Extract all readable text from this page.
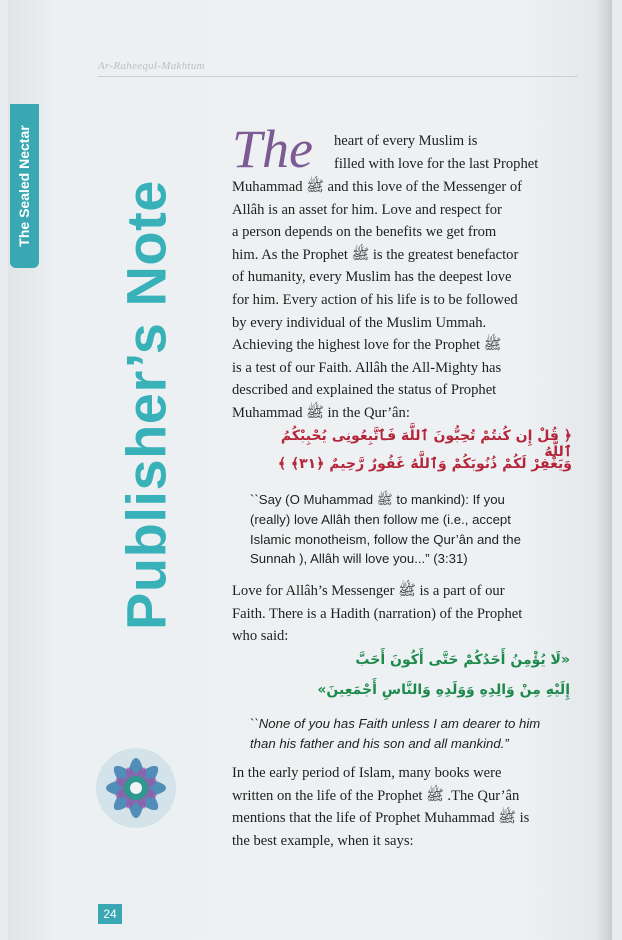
Ar-Raheequl-Makhtum
The Sealed Nectar Publisher’s Note
The heart of every Muslim is
filled with love for the last Prophet
Muhammad ﷺ and this love of the Messenger of
Allâh is an asset for him. Love and respect for
a person depends on the benefits we get from
him. As the Prophet ﷺ is the greatest benefactor
of humanity, every Muslim has the deepest love
for him. Every action of his life is to be followed
by every individual of the Muslim Ummah.
Achieving the highest love for the Prophet ﷺ
is a test of our Faith. Allâh the All-Mighty has
described and explained the status of Prophet
Muhammad ﷺ in the Qur’ân:
﴿ قُلْ إِن كُنتُمْ تُحِبُّونَ ٱللَّهَ فَٱتَّبِعُونِى يُحْبِبْكُمُ ٱللَّهُ
وَيَغْفِرْ لَكُمْ ذُنُوبَكُمْ وَٱللَّهُ غَفُورٌ رَّحِيمٌ ﴿٣١﴾ ﴾
``Say (O Muhammad ﷺ to mankind): If you
(really) love Allâh then follow me (i.e., accept
Islamic monotheism, follow the Qur’ân and the
Sunnah ), Allâh will love you...” (3:31)
Love for Allâh’s Messenger ﷺ is a part of our
Faith. There is a Hadith (narration) of the Prophet
who said:
«لَا يُؤْمِنُ أَحَدُكُمْ حَتَّى أَكُونَ أَحَبَّ
إِلَيْهِ مِنْ وَالِدِهِ وَوَلَدِهِ وَالنَّاسِ أَجْمَعِينَ»
``None of you has Faith unless I am dearer to him
than his father and his son and all mankind.”
In the early period of Islam, many books were
written on the life of the Prophet ﷺ .The Qur’ân
mentions that the life of Prophet Muhammad ﷺ is
the best example, when it says:
24
